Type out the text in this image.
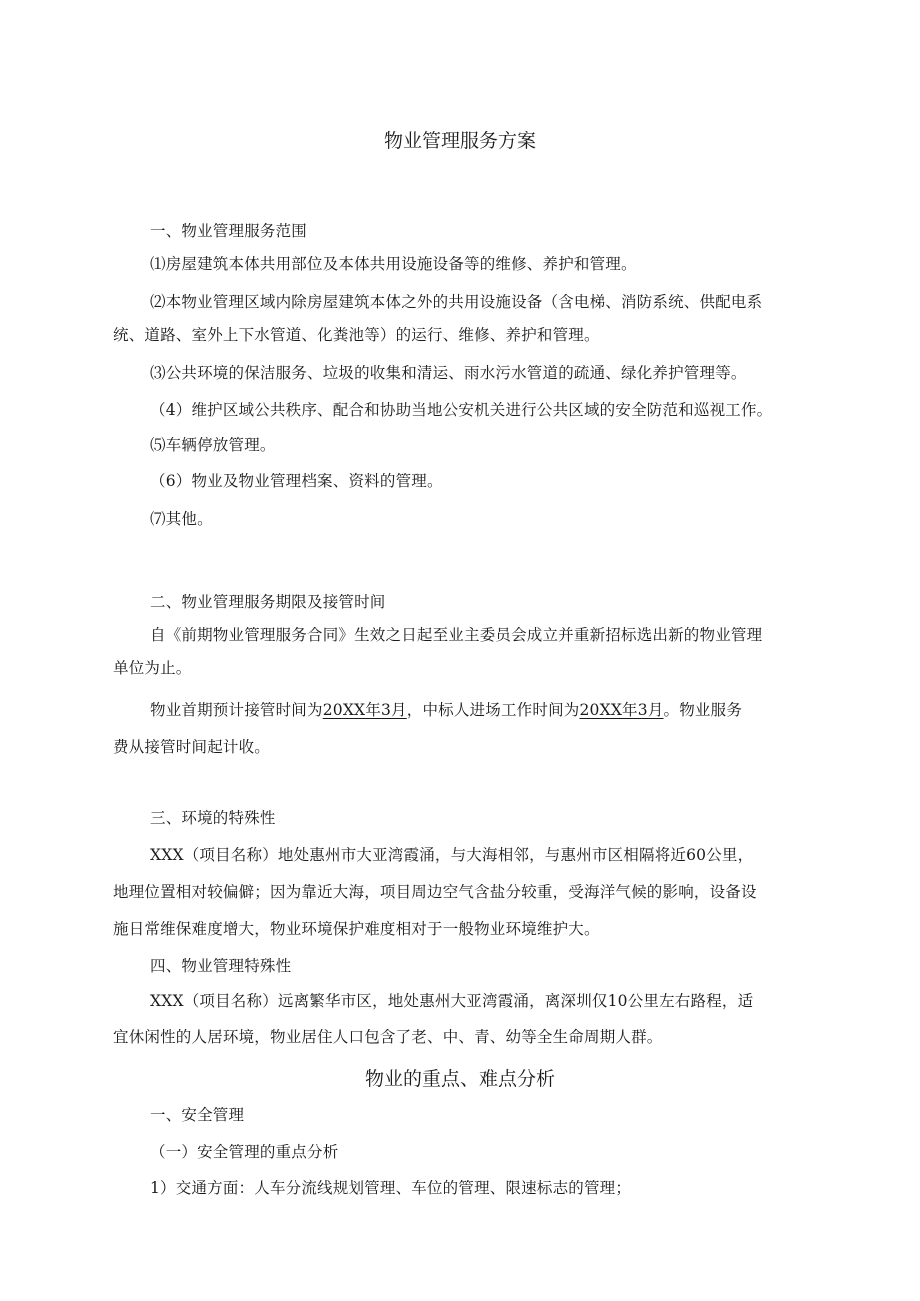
物业管理服务方案
一、物业管理服务范围
⑴房屋建筑本体共用部位及本体共用设施设备等的维修、养护和管理。
⑵本物业管理区域内除房屋建筑本体之外的共用设施设备（含电梯、消防系统、供配电系
统、道路、室外上下水管道、化粪池等）的运行、维修、养护和管理。
⑶公共环境的保洁服务、垃圾的收集和清运、雨水污水管道的疏通、绿化养护管理等。
（4）维护区域公共秩序、配合和协助当地公安机关进行公共区域的安全防范和巡视工作。
⑸车辆停放管理。
（6）物业及物业管理档案、资料的管理。
⑺其他。
二、物业管理服务期限及接管时间
自《前期物业管理服务合同》生效之日起至业主委员会成立并重新招标选出新的物业管理
单位为止。
物业首期预计接管时间为20XX年3月，中标人进场工作时间为20XX年3月。物业服务
费从接管时间起计收。
三、环境的特殊性
XXX（项目名称）地处惠州市大亚湾霞涌，与大海相邻，与惠州市区相隔将近60公里，
地理位置相对较偏僻；因为靠近大海，项目周边空气含盐分较重，受海洋气候的影响，设备设
施日常维保难度增大，物业环境保护难度相对于一般物业环境维护大。
四、物业管理特殊性
XXX（项目名称）远离繁华市区，地处惠州大亚湾霞涌，离深圳仅10公里左右路程，适
宜休闲性的人居环境，物业居住人口包含了老、中、青、幼等全生命周期人群。
物业的重点、难点分析
一、安全管理
（一）安全管理的重点分析
1）交通方面：人车分流线规划管理、车位的管理、限速标志的管理；
